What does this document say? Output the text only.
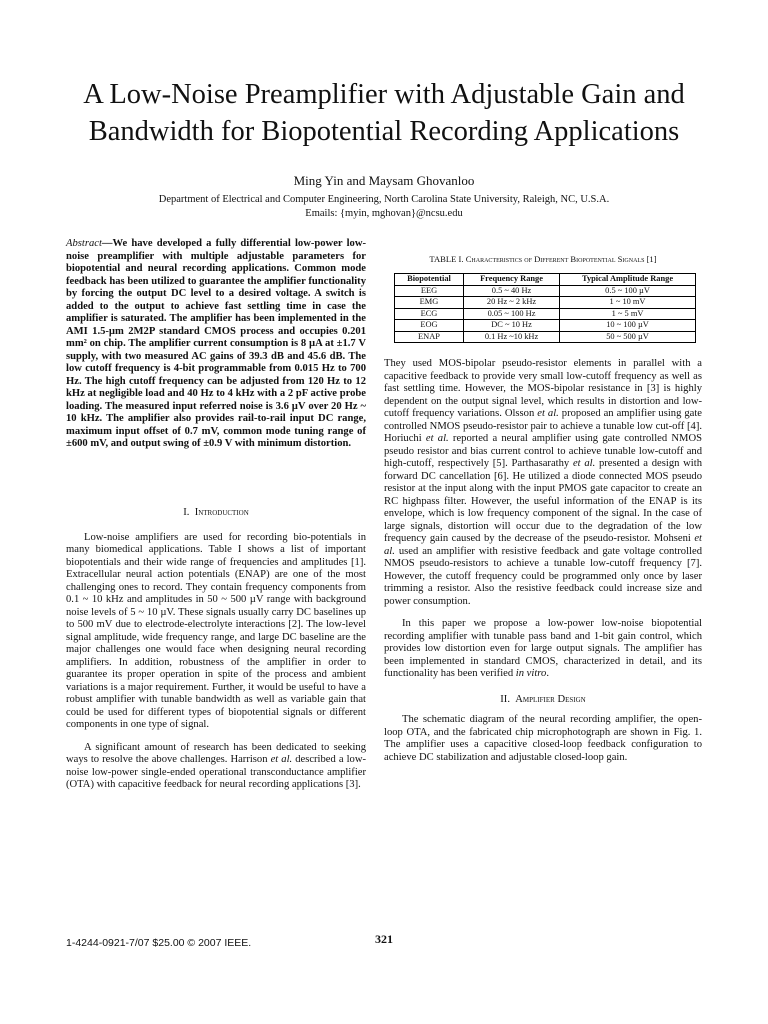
A Low-Noise Preamplifier with Adjustable Gain and Bandwidth for Biopotential Recording Applications
Ming Yin and Maysam Ghovanloo
Department of Electrical and Computer Engineering, North Carolina State University, Raleigh, NC, U.S.A.
Emails: {myin, mghovan}@ncsu.edu

Abstract—We have developed a fully differential low-power low-noise preamplifier with multiple adjustable parameters for biopotential and neural recording applications. Common mode feedback has been utilized to guarantee the amplifier functionality by forcing the output DC level to a desired voltage. A switch is added to the output to achieve fast settling time in case the amplifier is saturated. The amplifier has been implemented in the AMI 1.5-µm 2M2P standard CMOS process and occupies 0.201 mm² on chip. The amplifier current consumption is 8 µA at ±1.7 V supply, with two measured AC gains of 39.3 dB and 45.6 dB. The low cutoff frequency is 4-bit programmable from 0.015 Hz to 700 Hz. The high cutoff frequency can be adjusted from 120 Hz to 12 kHz at negligible load and 40 Hz to 4 kHz with a 2 pF active probe loading. The measured input referred noise is 3.6 µV over 20 Hz ~ 10 kHz. The amplifier also provides rail-to-rail input DC range, maximum input offset of 0.7 mV, common mode tuning range of ±600 mV, and output swing of ±0.9 V with minimum distortion.

I. Introduction

Low-noise amplifiers are used for recording bio-potentials in many biomedical applications. Table I shows a list of important biopotentials and their wide range of frequencies and amplitudes [1]. Extracellular neural action potentials (ENAP) are one of the most challenging ones to record. They contain frequency components from 0.1 ~ 10 kHz and amplitudes in 50 ~ 500 µV range with background noise levels of 5 ~ 10 µV. These signals usually carry DC baselines up to 500 mV due to electrode-electrolyte interactions [2]. The low-level signal amplitude, wide frequency range, and large DC baseline are the major challenges one would face when designing neural recording amplifiers. In addition, robustness of the amplifier in order to guarantee its proper operation in spite of the process and ambient variations is a major requirement. Further, it would be useful to have a robust amplifier with tunable bandwidth as well as variable gain that could be used for different types of biopotential signals or different components in one type of signal.

A significant amount of research has been dedicated to seeking ways to resolve the above challenges. Harrison et al. described a low-noise low-power single-ended operational transconductance amplifier (OTA) with capacitive feedback for neural recording applications [3].

TABLE I. Characteristics of Different Biopotential Signals [1]
Biopotential	Frequency Range	Typical Amplitude Range
EEG	0.5 ~ 40 Hz	0.5 ~ 100 µV
EMG	20 Hz ~ 2 kHz	1 ~ 10 mV
ECG	0.05 ~ 100 Hz	1 ~ 5 mV
EOG	DC ~ 10 Hz	10 ~ 100 µV
ENAP	0.1 Hz ~10 kHz	50 ~ 500 µV

They used MOS-bipolar pseudo-resistor elements in parallel with a capacitive feedback to provide very small low-cutoff frequency as well as fast settling time. However, the MOS-bipolar resistance in [3] is highly dependent on the output signal level, which results in distortion and low-cutoff frequency variations. Olsson et al. proposed an amplifier using gate controlled NMOS pseudo-resistor pair to achieve a tunable low cut-off [4]. Horiuchi et al. reported a neural amplifier using gate controlled NMOS pseudo resistor and bias current control to achieve tunable low-cutoff and high-cutoff, respectively [5]. Parthasarathy et al. presented a design with forward DC cancellation [6]. He utilized a diode connected MOS pseudo resistor at the input along with the input PMOS gate capacitor to create an RC highpass filter. However, the useful information of the ENAP is its envelope, which is low frequency component of the signal. In the case of large signals, distortion will occur due to the degradation of the low frequency gain caused by the decrease of the pseudo-resistor. Mohseni et al. used an amplifier with resistive feedback and gate voltage controlled NMOS pseudo-resistors to achieve a tunable low-cutoff frequency [7]. However, the cutoff frequency could be programmed only once by laser trimming a resistor. Also the resistive feedback could increase size and power consumption.

In this paper we propose a low-power low-noise biopotential recording amplifier with tunable pass band and 1-bit gain control, which provides low distortion even for large output signals. The amplifier has been implemented in standard CMOS, characterized in detail, and its functionality has been verified in vitro.

II. Amplifier Design

The schematic diagram of the neural recording amplifier, the open-loop OTA, and the fabricated chip microphotograph are shown in Fig. 1. The amplifier uses a capacitive closed-loop feedback configuration to achieve DC stabilization and adjustable closed-loop gain.

1-4244-0921-7/07 $25.00 © 2007 IEEE.	321
